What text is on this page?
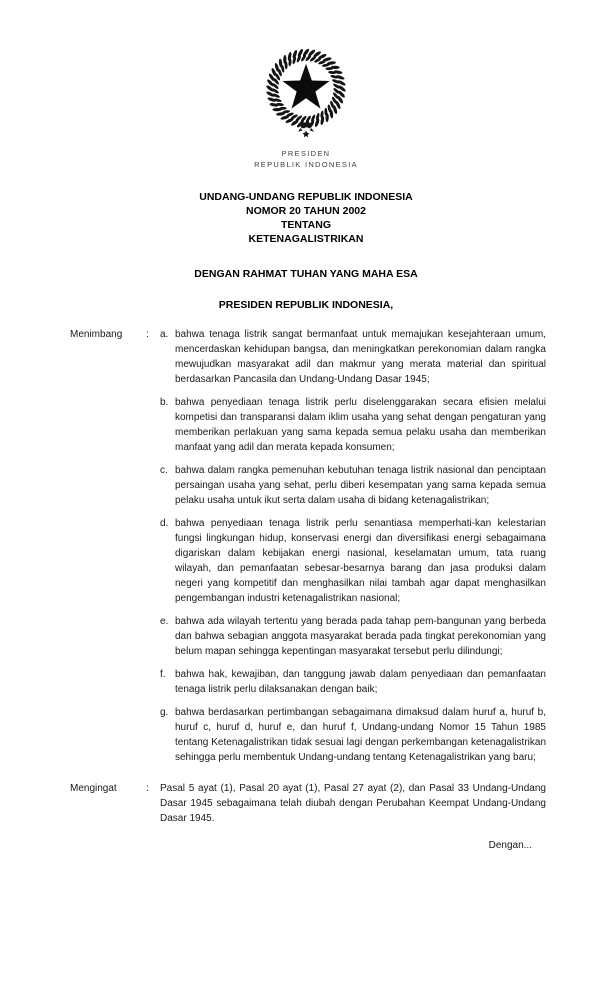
PRESIDEN
REPUBLIK INDONESIA
UNDANG-UNDANG REPUBLIK INDONESIA
NOMOR 20 TAHUN 2002
TENTANG
KETENAGALISTRIKAN
DENGAN RAHMAT TUHAN YANG MAHA ESA
PRESIDEN REPUBLIK INDONESIA,
Menimbang	:	a. bahwa tenaga listrik sangat bermanfaat untuk memajukan kesejahteraan umum, mencerdaskan kehidupan bangsa, dan meningkatkan perekonomian dalam rangka mewujudkan masyarakat adil dan makmur yang merata material dan spiritual berdasarkan Pancasila dan Undang-Undang Dasar 1945;
b. bahwa penyediaan tenaga listrik perlu diselenggarakan secara efisien melalui kompetisi dan transparansi dalam iklim usaha yang sehat dengan pengaturan yang memberikan perlakuan yang sama kepada semua pelaku usaha dan memberikan manfaat yang adil dan merata kepada konsumen;
c. bahwa dalam rangka pemenuhan kebutuhan tenaga listrik nasional dan penciptaan persaingan usaha yang sehat, perlu diberi kesempatan yang sama kepada semua pelaku usaha untuk ikut serta dalam usaha di bidang ketenagalistrikan;
d. bahwa penyediaan tenaga listrik perlu senantiasa memperhati-kan kelestarian fungsi lingkungan hidup, konservasi energi dan diversifikasi energi sebagaimana digariskan dalam kebijakan energi nasional, keselamatan umum, tata ruang wilayah, dan pemanfaatan sebesar-besarnya barang dan jasa produksi dalam negeri yang kompetitif dan menghasilkan nilai tambah agar dapat menghasilkan pengembangan industri ketenagalistrikan nasional;
e. bahwa ada wilayah tertentu yang berada pada tahap pem-bangunan yang berbeda dan bahwa sebagian anggota masyarakat berada pada tingkat perekonomian yang belum mapan sehingga kepentingan masyarakat tersebut perlu dilindungi;
f. bahwa hak, kewajiban, dan tanggung jawab dalam penyediaan dan pemanfaatan tenaga listrik perlu dilaksanakan dengan baik;
g. bahwa berdasarkan pertimbangan sebagaimana dimaksud dalam huruf a, huruf b, huruf c, huruf d, huruf e, dan huruf f, Undang-undang Nomor 15 Tahun 1985 tentang Ketenagalistrikan tidak sesuai lagi dengan perkembangan ketenagalistrikan sehingga perlu membentuk Undang-undang tentang Ketenagalistrikan yang baru;
Mengingat	:	Pasal 5 ayat (1), Pasal 20 ayat (1), Pasal 27 ayat (2), dan Pasal 33 Undang-Undang Dasar 1945 sebagaimana telah diubah dengan Perubahan Keempat Undang-Undang Dasar 1945.

Dengan...
